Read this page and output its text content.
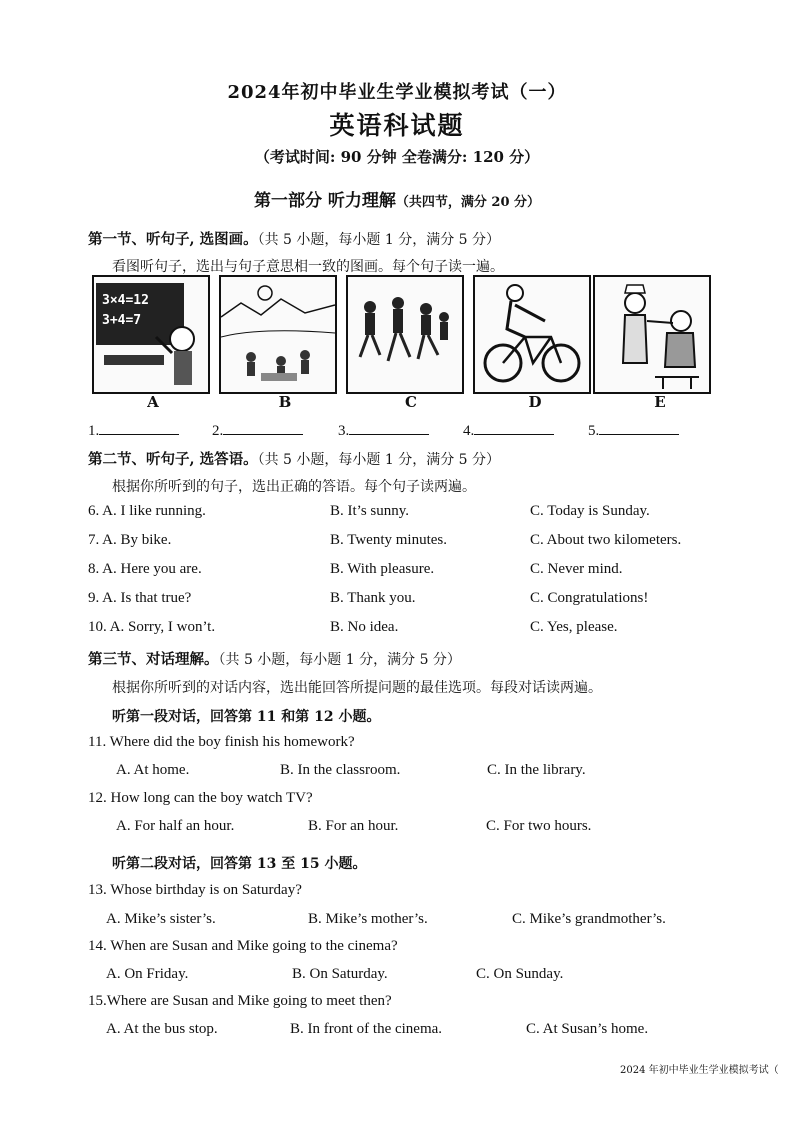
2024年初中毕业生学业模拟考试（一）
英语科试题
（考试时间: 90 分钟 全卷满分: 120 分）
第一部分 听力理解（共四节，满分 20 分）
第一节、听句子, 选图画。（共 5 小题，每小题 1 分，满分 5 分）
看图听句子，选出与句子意思相一致的图画。每个句子读一遍。
3×4=12
3+4=7
A	B	C	D	E
1.	2.	3.	4.	5.
第二节、听句子, 选答语。（共 5 小题，每小题 1 分，满分 5 分）
根据你所听到的句子，选出正确的答语。每个句子读两遍。
6. A. I like running.	B. It’s sunny.	C. Today is Sunday.
7. A. By bike.	B. Twenty minutes.	C. About two kilometers.
8. A. Here you are.	B. With pleasure.	C. Never mind.
9. A. Is that true?	B. Thank you.	C. Congratulations!
10. A. Sorry, I won’t.	B. No idea.	C. Yes, please.
第三节、对话理解。（共 5 小题，每小题 1 分，满分 5 分）
根据你所听到的对话内容，选出能回答所提问题的最佳选项。每段对话读两遍。
听第一段对话，回答第 11 和第 12 小题。
11. Where did the boy finish his homework?
A. At home.	B. In the classroom.	C. In the library.
12. How long can the boy watch TV?
A. For half an hour.	B. For an hour.	C. For two hours.
听第二段对话，回答第 13 至 15 小题。
13. Whose birthday is on Saturday?
A. Mike’s sister’s.	B. Mike’s mother’s.	C. Mike’s grandmother’s.
14. When are Susan and Mike going to the cinema?
A. On Friday.	B. On Saturday.	C. On Sunday.
15.Where are Susan and Mike going to meet then?
A. At the bus stop.	B. In front of the cinema.	C. At Susan’s home.
2024 年初中毕业生学业模拟考试（
